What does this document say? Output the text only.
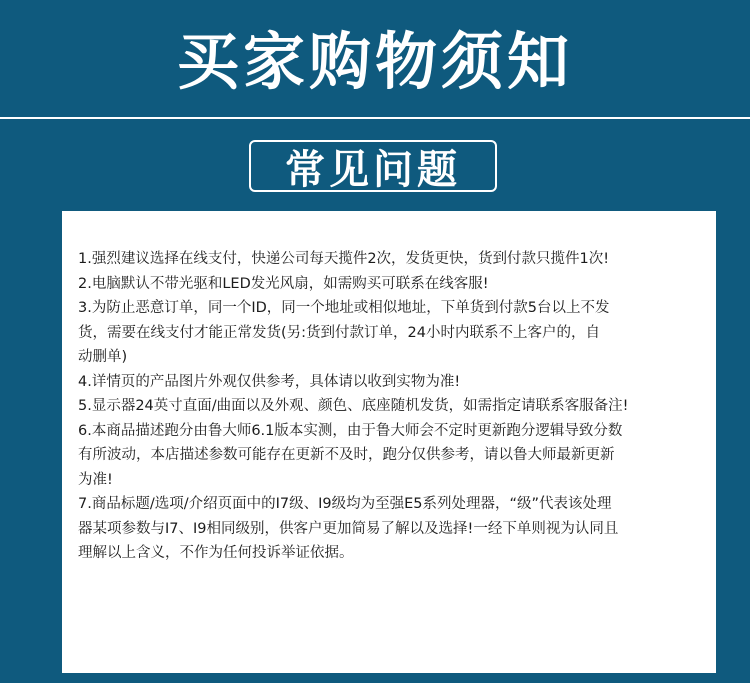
买家购物须知
常见问题

1.强烈建议选择在线支付，快递公司每天揽件2次，发货更快，货到付款只揽件1次!

2.电脑默认不带光驱和LED发光风扇，如需购买可联系在线客服!

3.为防止恶意订单，同一个ID，同一个地址或相似地址，下单货到付款5台以上不发

货，需要在线支付才能正常发货(另:货到付款订单，24小时内联系不上客户的，自

动删单)

4.详情页的产品图片外观仅供参考，具体请以收到实物为准!

5.显示器24英寸直面/曲面以及外观、颜色、底座随机发货，如需指定请联系客服备注!

6.本商品描述跑分由鲁大师6.1版本实测，由于鲁大师会不定时更新跑分逻辑导致分数

有所波动，本店描述参数可能存在更新不及时，跑分仅供参考，请以鲁大师最新更新

为准!

7.商品标题/选项/介绍页面中的I7级、I9级均为至强E5系列处理器，“级”代表该处理

器某项参数与I7、I9相同级别，供客户更加简易了解以及选择!一经下单则视为认同且

理解以上含义，不作为任何投诉举证依据。
